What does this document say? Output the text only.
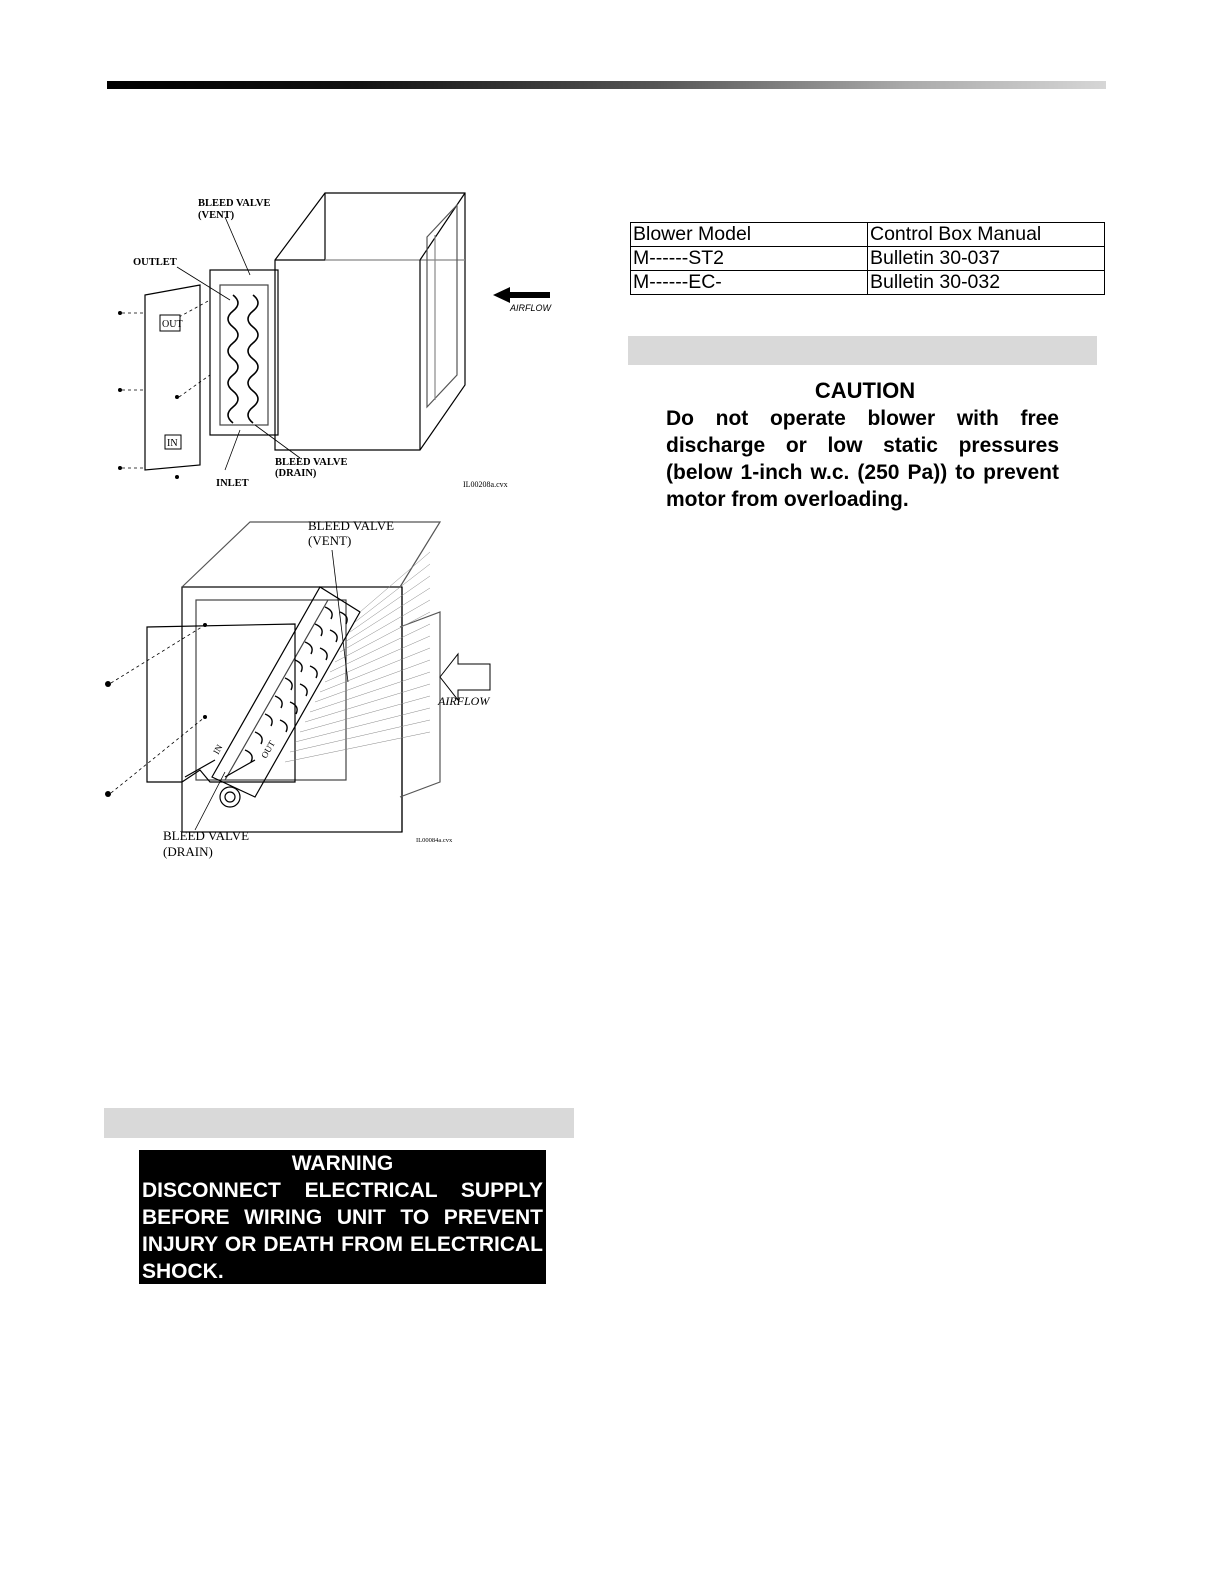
OUT
IN
BLEED VALVE
(VENT)
OUTLET
AIRFLOW
BLEED VALVE
(DRAIN)
INLET	IL00208a.cvx
IN	OUT
BLEED VALVE
(VENT)
AIRFLOW
BLEED VALVE
(DRAIN)
IL00084a.cvx
Blower Model	Control Box Manual
M------ST2	Bulletin 30-037
M------EC-	Bulletin 30-032
CAUTION
Do not operate blower with free discharge or low static pressures (below 1-inch w.c. (250 Pa)) to prevent motor from overloading.
WARNING
DISCONNECT ELECTRICAL SUPPLY BEFORE WIRING UNIT TO PREVENT INJURY OR DEATH FROM ELECTRICAL SHOCK.
